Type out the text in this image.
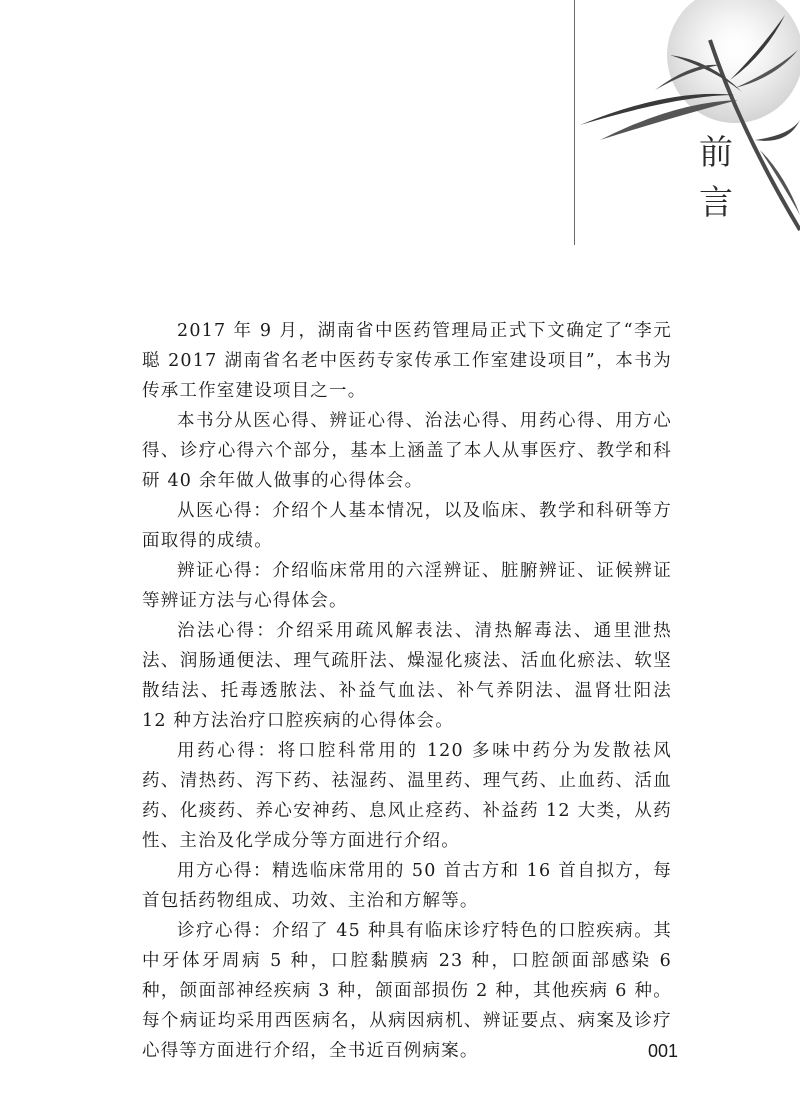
前
言

2017 年 9 月，湖南省中医药管理局正式下文确定了“李元聪 2017 湖南省名老中医药专家传承工作室建设项目”，本书为传承工作室建设项目之一。

本书分从医心得、辨证心得、治法心得、用药心得、用方心得、诊疗心得六个部分，基本上涵盖了本人从事医疗、教学和科研 40 余年做人做事的心得体会。

从医心得：介绍个人基本情况，以及临床、教学和科研等方面取得的成绩。

辨证心得：介绍临床常用的六淫辨证、脏腑辨证、证候辨证等辨证方法与心得体会。

治法心得：介绍采用疏风解表法、清热解毒法、通里泄热法、润肠通便法、理气疏肝法、燥湿化痰法、活血化瘀法、软坚散结法、托毒透脓法、补益气血法、补气养阴法、温肾壮阳法 12 种方法治疗口腔疾病的心得体会。

用药心得：将口腔科常用的 120 多味中药分为发散祛风药、清热药、泻下药、祛湿药、温里药、理气药、止血药、活血药、化痰药、养心安神药、息风止痉药、补益药 12 大类，从药性、主治及化学成分等方面进行介绍。

用方心得：精选临床常用的 50 首古方和 16 首自拟方，每首包括药物组成、功效、主治和方解等。

诊疗心得：介绍了 45 种具有临床诊疗特色的口腔疾病。其中牙体牙周病 5 种，口腔黏膜病 23 种，口腔颌面部感染 6 种，颌面部神经疾病 3 种，颌面部损伤 2 种，其他疾病 6 种。每个病证均采用西医病名，从病因病机、辨证要点、病案及诊疗心得等方面进行介绍，全书近百例病案。	001
